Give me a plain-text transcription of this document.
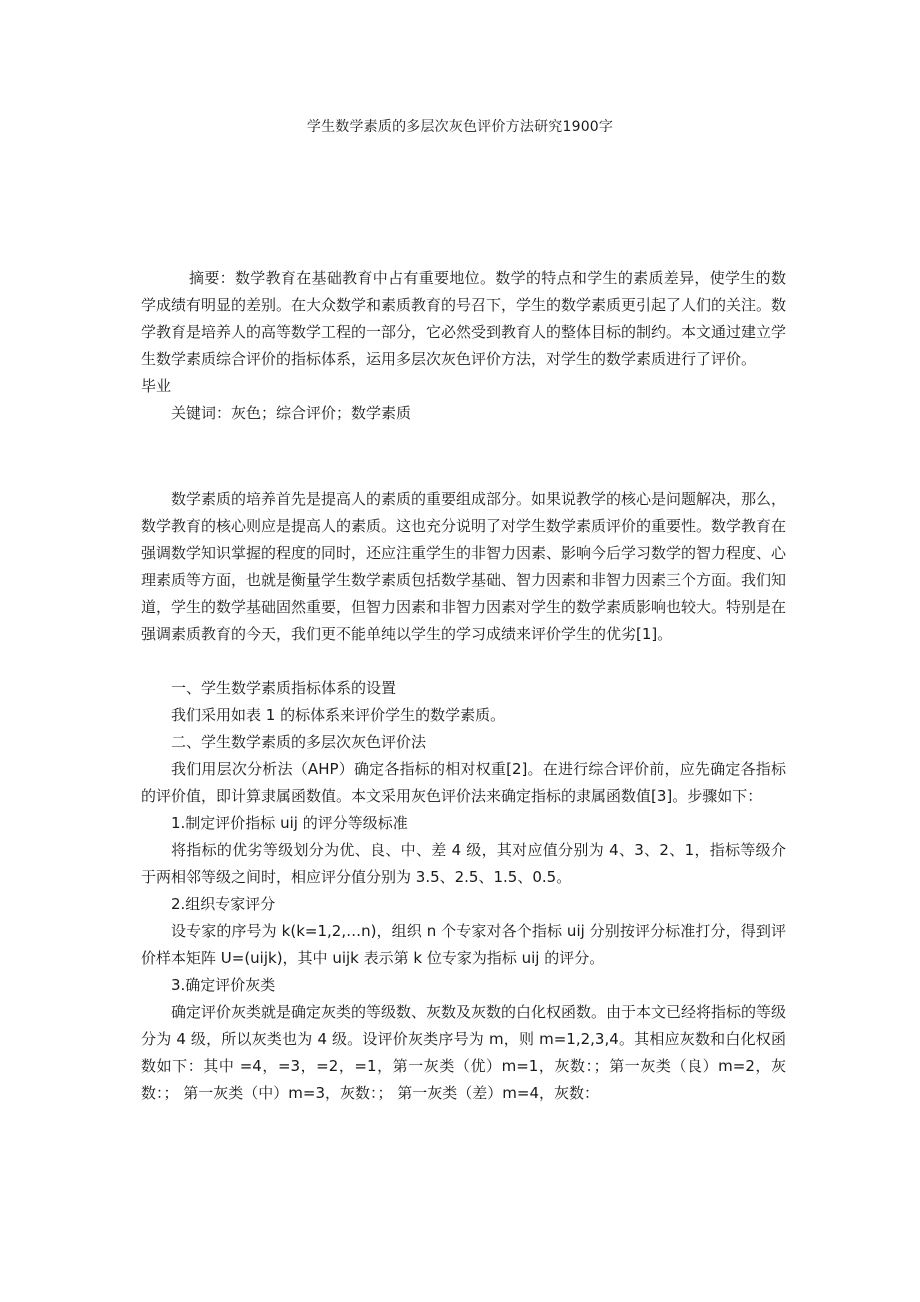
学生数学素质的多层次灰色评价方法研究1900字

摘要：数学教育在基础教育中占有重要地位。数学的特点和学生的素质差异，使学生的数学成绩有明显的差别。在大众数学和素质教育的号召下，学生的数学素质更引起了人们的关注。数学教育是培养人的高等数学工程的一部分，它必然受到教育人的整体目标的制约。本文通过建立学生数学素质综合评价的指标体系，运用多层次灰色评价方法，对学生的数学素质进行了评价。

毕业

关键词：灰色；综合评价；数学素质

数学素质的培养首先是提高人的素质的重要组成部分。如果说教学的核心是问题解决，那么，数学教育的核心则应是提高人的素质。这也充分说明了对学生数学素质评价的重要性。数学教育在强调数学知识掌握的程度的同时，还应注重学生的非智力因素、影响今后学习数学的智力程度、心理素质等方面，也就是衡量学生数学素质包括数学基础、智力因素和非智力因素三个方面。我们知道，学生的数学基础固然重要，但智力因素和非智力因素对学生的数学素质影响也较大。特别是在强调素质教育的今天，我们更不能单纯以学生的学习成绩来评价学生的优劣[1]。

一、学生数学素质指标体系的设置

我们采用如表 1 的标体系来评价学生的数学素质。

二、学生数学素质的多层次灰色评价法

我们用层次分析法（AHP）确定各指标的相对权重[2]。在进行综合评价前，应先确定各指标的评价值，即计算隶属函数值。本文采用灰色评价法来确定指标的隶属函数值[3]。步骤如下：

1.制定评价指标 uij 的评分等级标准

将指标的优劣等级划分为优、良、中、差 4 级，其对应值分别为 4、3、2、1，指标等级介于两相邻等级之间时，相应评分值分别为 3.5、2.5、1.5、0.5。

2.组织专家评分

设专家的序号为 k(k=1,2,…n)，组织 n 个专家对各个指标 uij 分别按评分标准打分，得到评价样本矩阵 U=(uijk)，其中 uijk 表示第 k 位专家为指标 uij 的评分。

3.确定评价灰类

确定评价灰类就是确定灰类的等级数、灰数及灰数的白化权函数。由于本文已经将指标的等级分为 4 级，所以灰类也为 4 级。设评价灰类序号为 m，则 m=1,2,3,4。其相应灰数和白化权函数如下：其中 =4，=3，=2，=1，第一灰类（优）m=1，灰数：；第一灰类（良）m=2，灰数：； 第一灰类（中）m=3，灰数：； 第一灰类（差）m=4，灰数：
